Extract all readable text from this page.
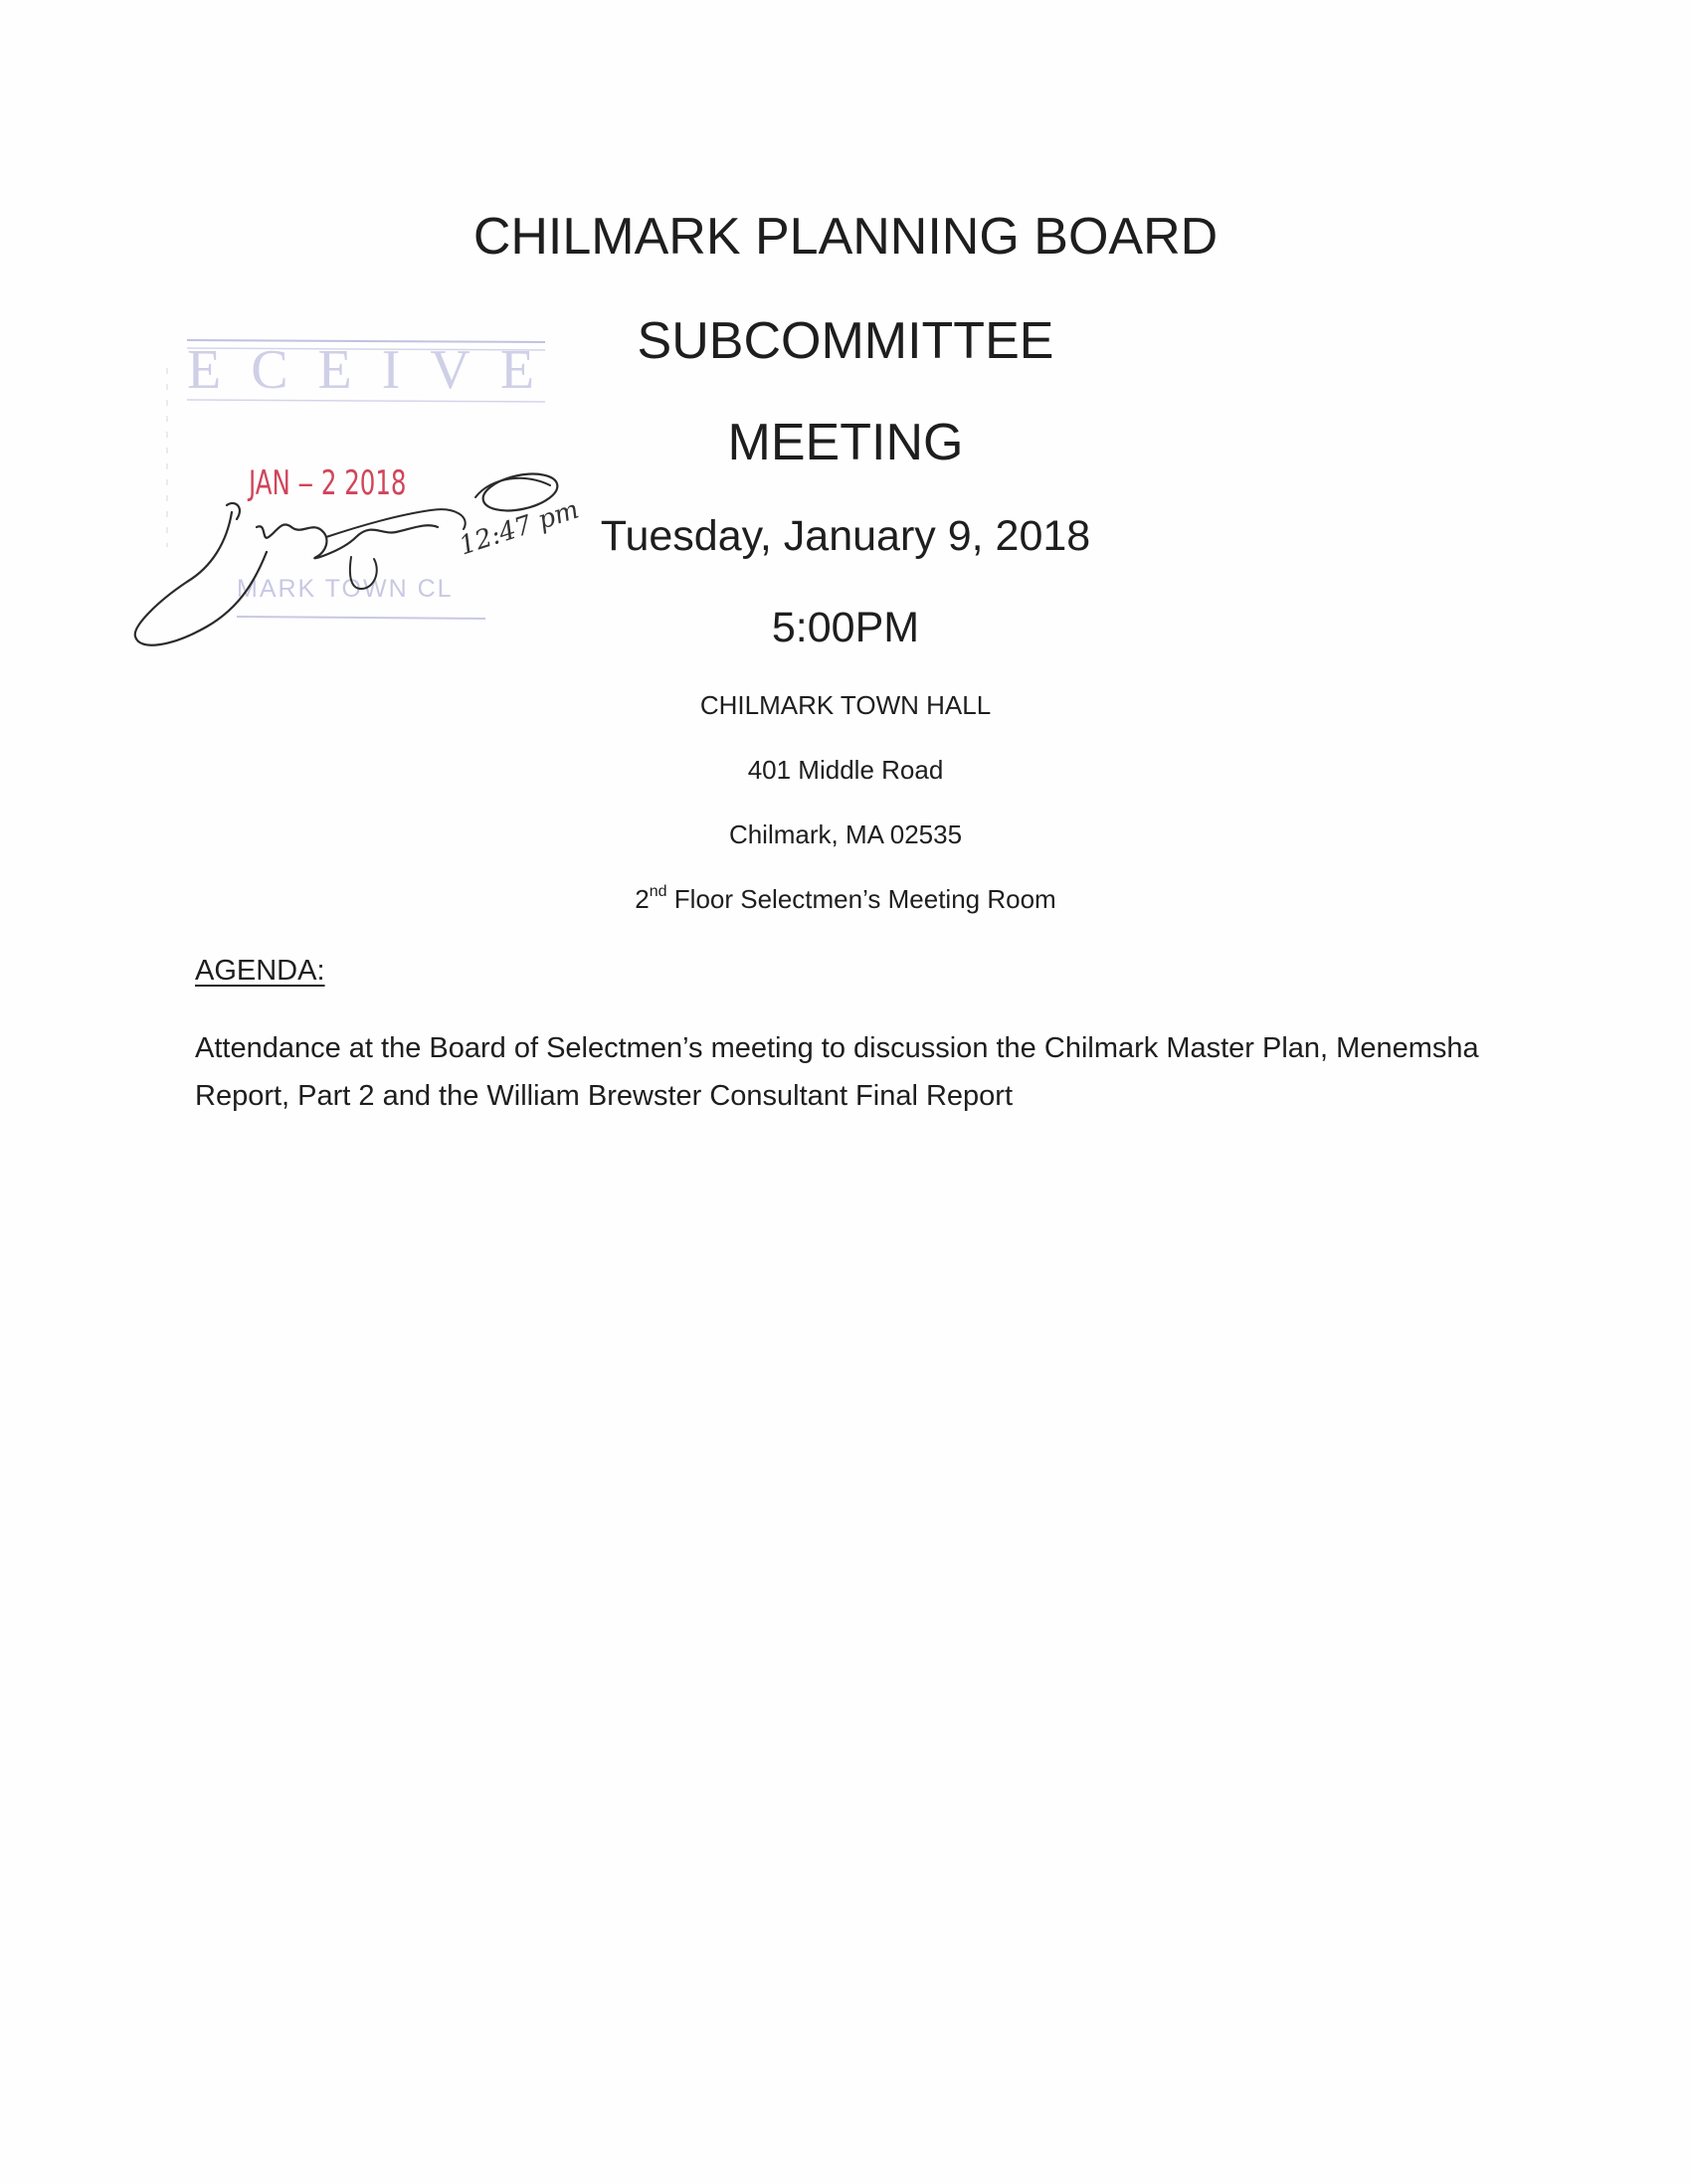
CHILMARK PLANNING BOARD
SUBCOMMITTEE
MEETING
Tuesday, January 9, 2018
5:00PM
CHILMARK TOWN HALL
401 Middle Road
Chilmark, MA 02535
2nd Floor Selectmen’s Meeting Room
AGENDA:
Attendance at the Board of Selectmen’s meeting to discussion the Chilmark Master Plan, Menemsha Report, Part 2 and the William Brewster Consultant Final Report
ECEIVE
JAN ‒ 2 2018
MARK TOWN CL
12:47 pm
